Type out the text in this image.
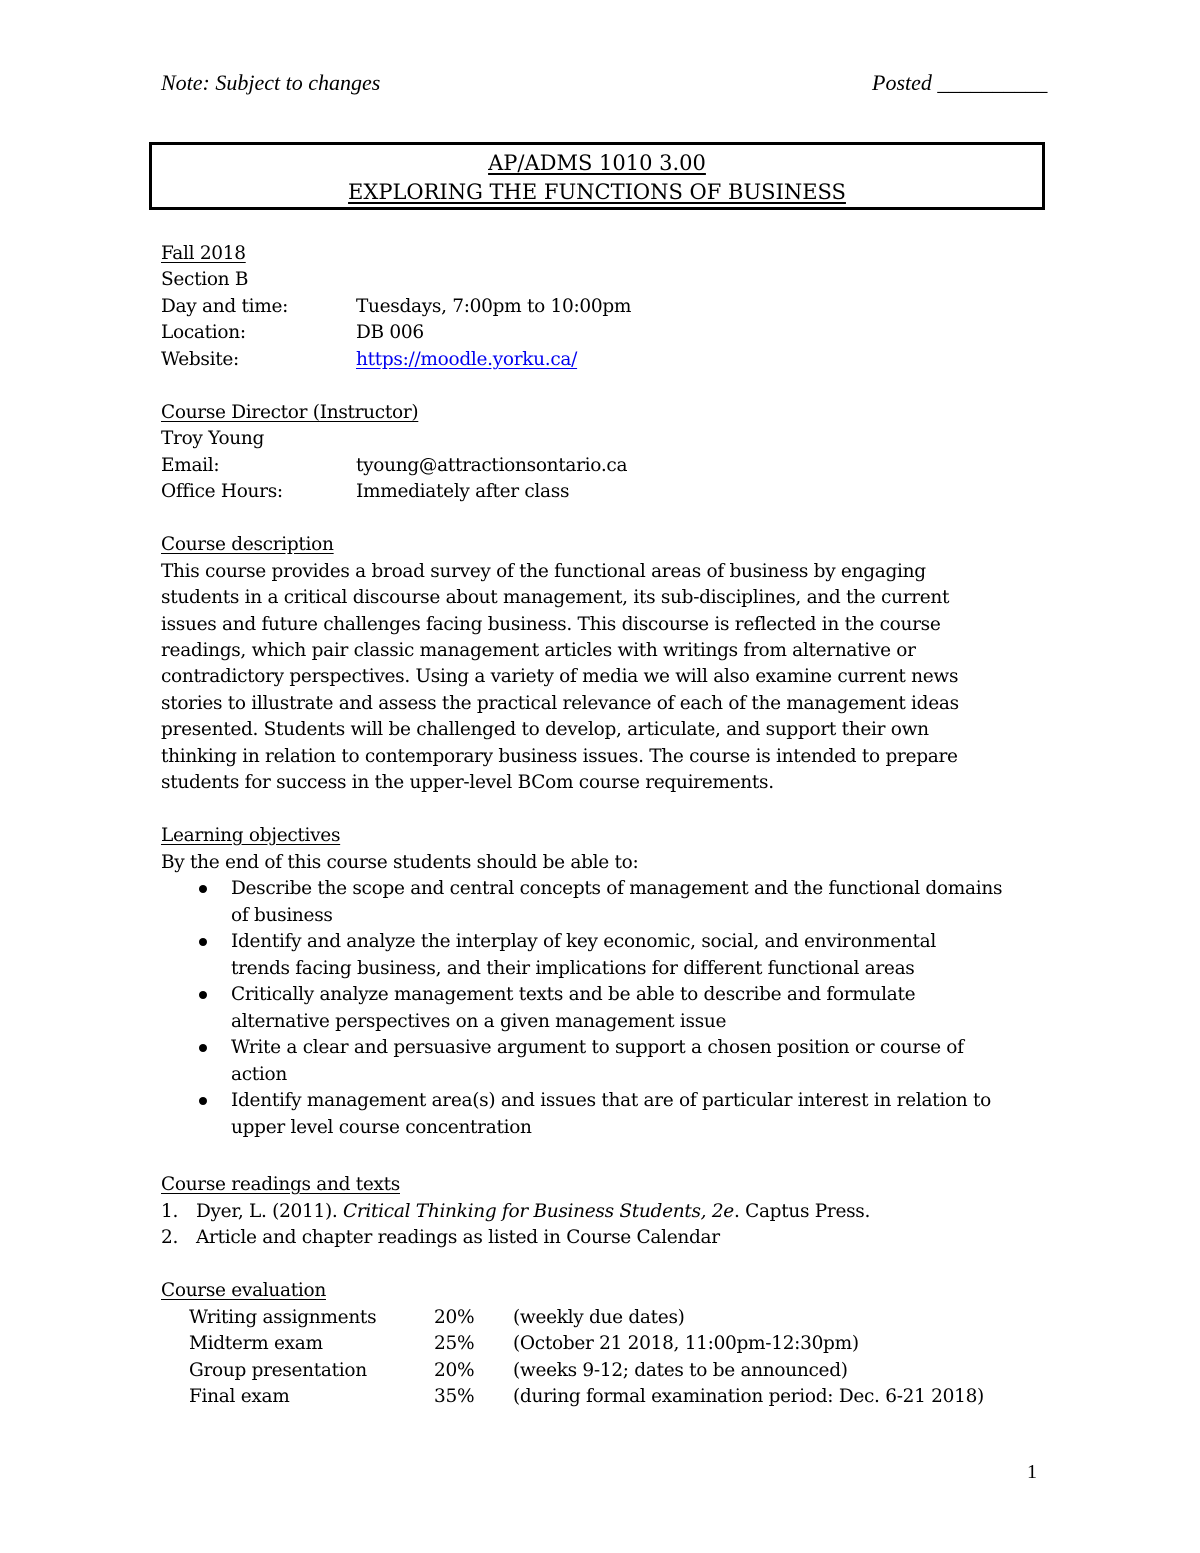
Note: Subject to changes	Posted __________
AP/ADMS 1010 3.00
EXPLORING THE FUNCTIONS OF BUSINESS
Fall 2018
Section B
Day and time:	Tuesdays, 7:00pm to 10:00pm
Location:	DB 006
Website:	https://moodle.yorku.ca/
Course Director (Instructor)
Troy Young
Email:	tyoung@attractionsontario.ca
Office Hours:	Immediately after class
Course description
This course provides a broad survey of the functional areas of business by engaging
students in a critical discourse about management, its sub-disciplines, and the current
issues and future challenges facing business. This discourse is reflected in the course
readings, which pair classic management articles with writings from alternative or
contradictory perspectives. Using a variety of media we will also examine current news
stories to illustrate and assess the practical relevance of each of the management ideas
presented. Students will be challenged to develop, articulate, and support their own
thinking in relation to contemporary business issues. The course is intended to prepare
students for success in the upper-level BCom course requirements.
Learning objectives
By the end of this course students should be able to:
Describe the scope and central concepts of management and the functional domains
of business
Identify and analyze the interplay of key economic, social, and environmental
trends facing business, and their implications for different functional areas
Critically analyze management texts and be able to describe and formulate
alternative perspectives on a given management issue
Write a clear and persuasive argument to support a chosen position or course of
action
Identify management area(s) and issues that are of particular interest in relation to
upper level course concentration
Course readings and texts
1. Dyer, L. (2011). Critical Thinking for Business Students, 2e. Captus Press.
2. Article and chapter readings as listed in Course Calendar
Course evaluation
Writing assignments	20% (weekly due dates)
Midterm exam	25% (October 21 2018, 11:00pm-12:30pm)
Group presentation	20% (weeks 9-12; dates to be announced)
Final exam	35% (during formal examination period: Dec. 6-21 2018)
1
